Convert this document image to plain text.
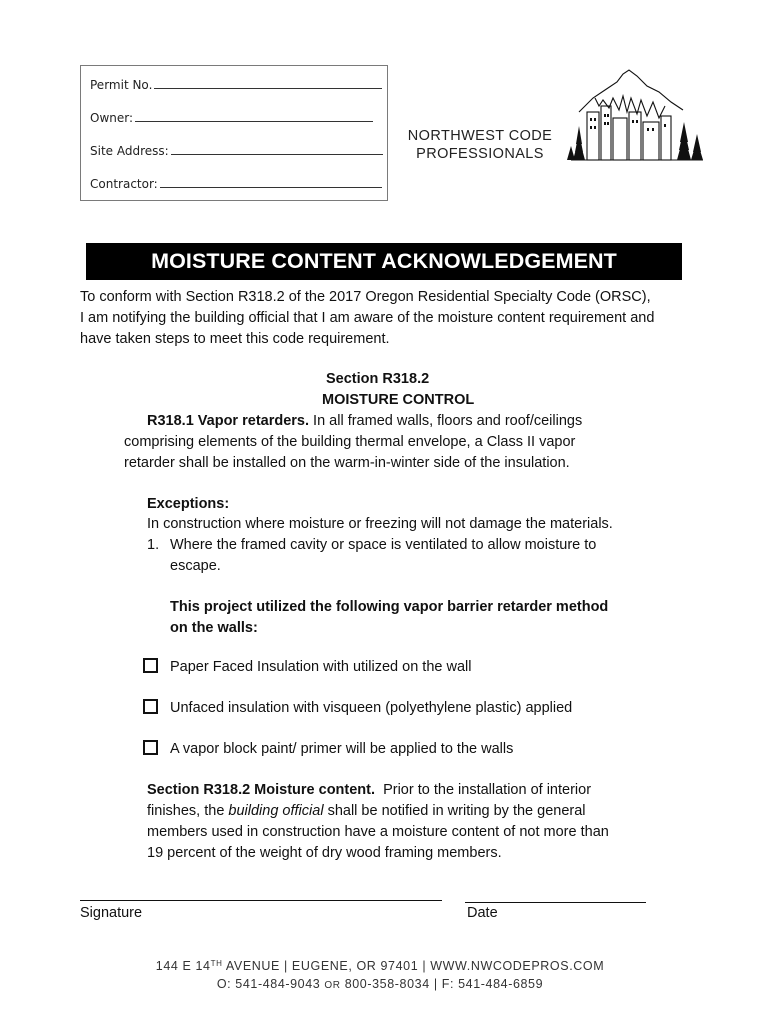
Permit No.
Owner:
Site Address:
Contractor:
NORTHWEST CODE
PROFESSIONALS
MOISTURE CONTENT ACKNOWLEDGEMENT
To conform with Section R318.2 of the 2017 Oregon Residential Specialty Code (ORSC),
I am notifying the building official that I am aware of the moisture content requirement and
have taken steps to meet this code requirement.
Section R318.2
MOISTURE CONTROL
R318.1 Vapor retarders. In all framed walls, floors and roof/ceilings
comprising elements of the building thermal envelope, a Class II vapor
retarder shall be installed on the warm-in-winter side of the insulation.
Exceptions:
In construction where moisture or freezing will not damage the materials.
1. Where the framed cavity or space is ventilated to allow moisture to
escape.
This project utilized the following vapor barrier retarder method
on the walls:
Paper Faced Insulation with utilized on the wall
Unfaced insulation with visqueen (polyethylene plastic) applied
A vapor block paint/ primer will be applied to the walls
Section R318.2 Moisture content.  Prior to the installation of interior
finishes, the building official shall be notified in writing by the general
members used in construction have a moisture content of not more than
19 percent of the weight of dry wood framing members.
Signature	Date
144 E 14TH AVENUE | EUGENE, OR 97401 | WWW.NWCODEPROS.COM
O: 541-484-9043 OR 800-358-8034 | F: 541-484-6859
